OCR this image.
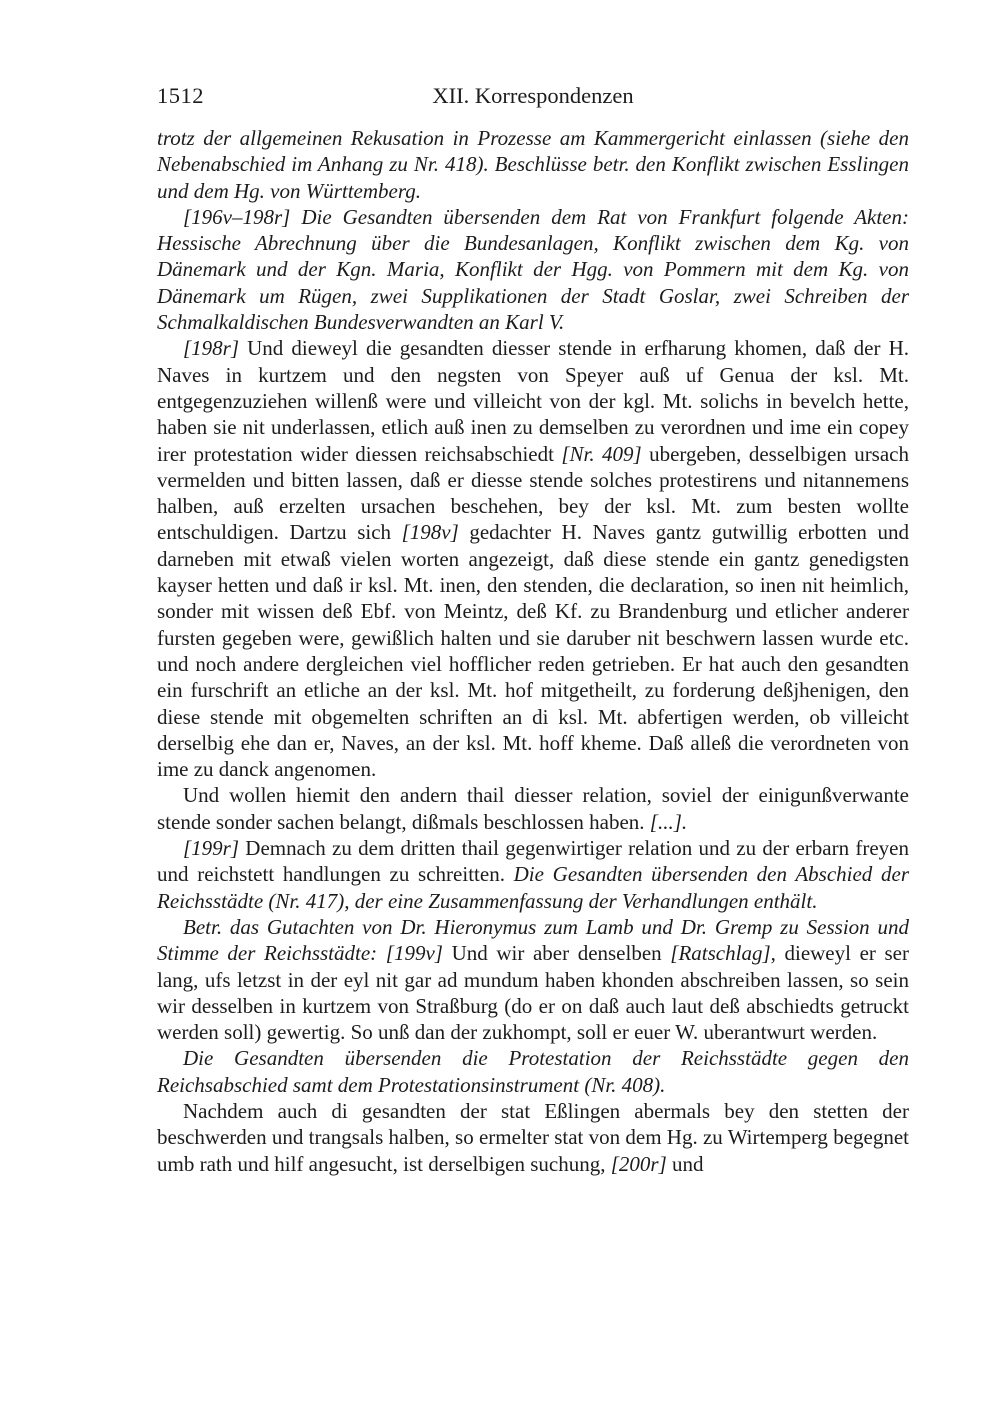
1512	XII. Korrespondenzen

trotz der allgemeinen Rekusation in Prozesse am Kammergericht einlassen (siehe den Nebenabschied im Anhang zu Nr. 418). Beschlüsse betr. den Konflikt zwischen Esslingen und dem Hg. von Württemberg.

[196v–198r] Die Gesandten übersenden dem Rat von Frankfurt folgende Akten: Hessische Abrechnung über die Bundesanlagen, Konflikt zwischen dem Kg. von Dänemark und der Kgn. Maria, Konflikt der Hgg. von Pommern mit dem Kg. von Dänemark um Rügen, zwei Supplikationen der Stadt Goslar, zwei Schreiben der Schmalkaldischen Bundesverwandten an Karl V.

[198r] Und dieweyl die gesandten diesser stende in erfharung khomen, daß der H. Naves in kurtzem und den negsten von Speyer auß uf Genua der ksl. Mt. entgegenzuziehen willenß were und villeicht von der kgl. Mt. solichs in bevelch hette, haben sie nit underlassen, etlich auß inen zu demselben zu verordnen und ime ein copey irer protestation wider diessen reichsabschiedt [Nr. 409] ubergeben, desselbigen ursach vermelden und bitten lassen, daß er diesse stende solches protestirens und nitannemens halben, auß erzelten ursachen beschehen, bey der ksl. Mt. zum besten wollte entschuldigen. Dartzu sich [198v] gedachter H. Naves gantz gutwillig erbotten und darneben mit etwaß vielen worten angezeigt, daß diese stende ein gantz genedigsten kayser hetten und daß ir ksl. Mt. inen, den stenden, die declaration, so inen nit heimlich, sonder mit wissen deß Ebf. von Meintz, deß Kf. zu Brandenburg und etlicher anderer fursten gegeben were, gewißlich halten und sie daruber nit beschwern lassen wurde etc. und noch andere dergleichen viel hofflicher reden getrieben. Er hat auch den gesandten ein furschrift an etliche an der ksl. Mt. hof mitgetheilt, zu forderung deßjhenigen, den diese stende mit obgemelten schriften an di ksl. Mt. abfertigen werden, ob villeicht derselbig ehe dan er, Naves, an der ksl. Mt. hoff kheme. Daß alleß die verordneten von ime zu danck angenomen.

Und wollen hiemit den andern thail diesser relation, soviel der einigunßverwante stende sonder sachen belangt, dißmals beschlossen haben. [...].

[199r] Demnach zu dem dritten thail gegenwirtiger relation und zu der erbarn freyen und reichstett handlungen zu schreitten. Die Gesandten übersenden den Abschied der Reichsstädte (Nr. 417), der eine Zusammenfassung der Verhandlungen enthält.

Betr. das Gutachten von Dr. Hieronymus zum Lamb und Dr. Gremp zu Session und Stimme der Reichsstädte: [199v] Und wir aber denselben [Ratschlag], dieweyl er ser lang, ufs letzst in der eyl nit gar ad mundum haben khonden abschreiben lassen, so sein wir desselben in kurtzem von Straßburg (do er on daß auch laut deß abschiedts getruckt werden soll) gewertig. So unß dan der zukhompt, soll er euer W. uberantwurt werden.

Die Gesandten übersenden die Protestation der Reichsstädte gegen den Reichsabschied samt dem Protestationsinstrument (Nr. 408).

Nachdem auch di gesandten der stat Eßlingen abermals bey den stetten der beschwerden und trangsals halben, so ermelter stat von dem Hg. zu Wirtemperg begegnet umb rath und hilf angesucht, ist derselbigen suchung, [200r] und
